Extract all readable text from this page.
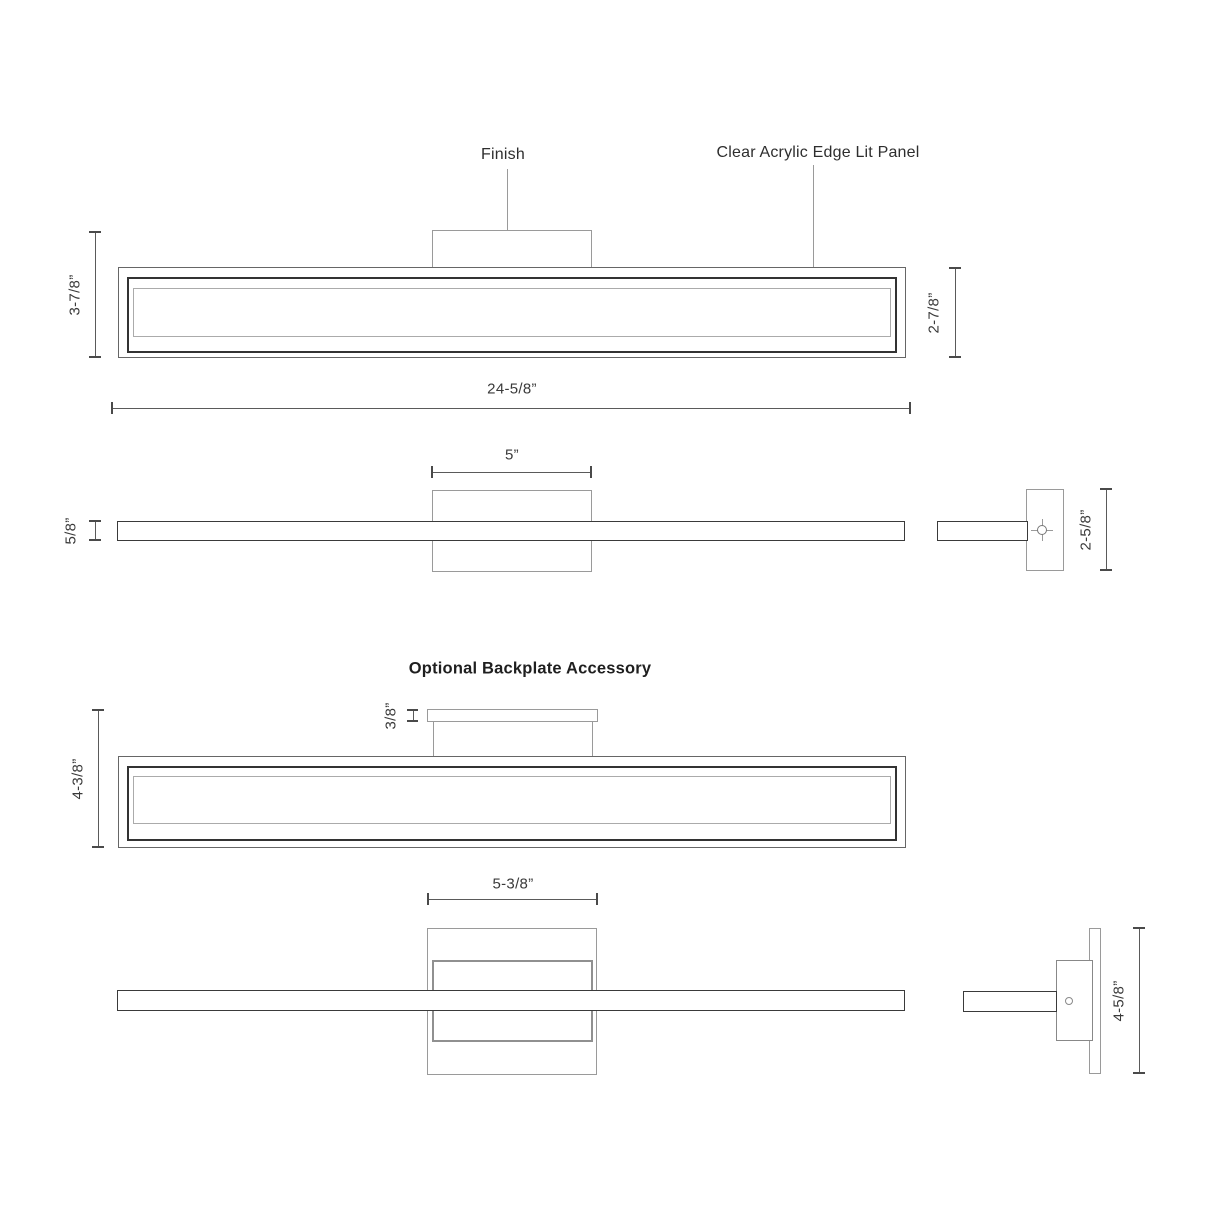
Finish	Clear Acrylic Edge Lit Panel
3-7/8”	2-7/8”
24-5/8”
5”
5/8”	2-5/8”
Optional Backplate Accessory
3/8”
4-3/8”
5-3/8”
4-5/8”
